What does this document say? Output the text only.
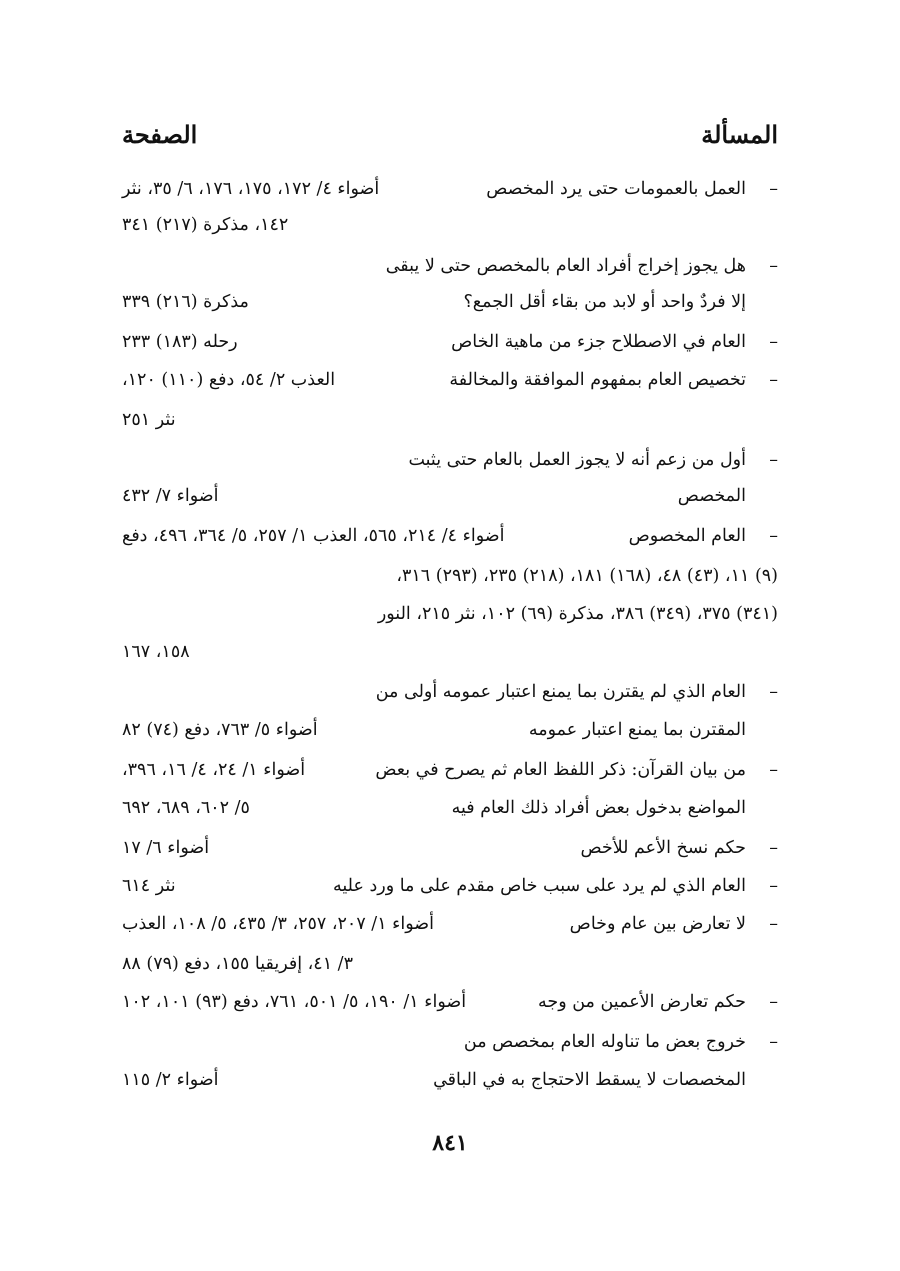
المسألة
الصفحة
–
العمل بالعمومات حتى يرد المخصص
أضواء ٤/ ١٧٢، ١٧٥، ١٧٦، ٦/ ٣٥، نثر
١٤٢، مذكرة (٢١٧) ٣٤١
–
هل يجوز إخراج أفراد العام بالمخصص حتى لا يبقى
إلا فردٌ واحد أو لابد من بقاء أقل الجمع؟
مذكرة (٢١٦) ٣٣٩
–
العام في الاصطلاح جزء من ماهية الخاص
رحله (١٨٣) ٢٣٣
–
تخصيص العام بمفهوم الموافقة والمخالفة
العذب ٢/ ٥٤، دفع (١١٠) ١٢٠،
نثر ٢٥١
–
أول من زعم أنه لا يجوز العمل بالعام حتى يثبت
المخصص
أضواء ٧/ ٤٣٢
–
العام المخصوص
أضواء ٤/ ٢١٤، ٥٦٥، العذب ١/ ٢٥٧، ٥/ ٣٦٤، ٤٩٦، دفع
(٩) ١١، (٤٣) ٤٨، (١٦٨) ١٨١، (٢١٨) ٢٣٥، (٢٩٣) ٣١٦،
(٣٤١) ٣٧٥، (٣٤٩) ٣٨٦، مذكرة (٦٩) ١٠٢، نثر ٢١٥، النور
١٥٨، ١٦٧
–
العام الذي لم يقترن بما يمنع اعتبار عمومه أولى من
المقترن بما يمنع اعتبار عمومه
أضواء ٥/ ٧٦٣، دفع (٧٤) ٨٢
–
من بيان القرآن: ذكر اللفظ العام ثم يصرح في بعض
أضواء ١/ ٢٤، ٤/ ١٦، ٣٩٦،
المواضع بدخول بعض أفراد ذلك العام فيه
٥/ ٦٠٢، ٦٨٩، ٦٩٢
–
حكم نسخ الأعم للأخص
أضواء ٦/ ١٧
–
العام الذي لم يرد على سبب خاص مقدم على ما ورد عليه
نثر ٦١٤
–
لا تعارض بين عام وخاص
أضواء ١/ ٢٠٧، ٢٥٧، ٣/ ٤٣٥، ٥/ ١٠٨، العذب
٣/ ٤١، إفريقيا ١٥٥، دفع (٧٩) ٨٨
–
حكم تعارض الأعمين من وجه
أضواء ١/ ١٩٠، ٥/ ٥٠١، ٧٦١، دفع (٩٣) ١٠١، ١٠٢
–
خروج بعض ما تناوله العام بمخصص من
المخصصات لا يسقط الاحتجاج به في الباقي
أضواء ٢/ ١١٥
٨٤١
